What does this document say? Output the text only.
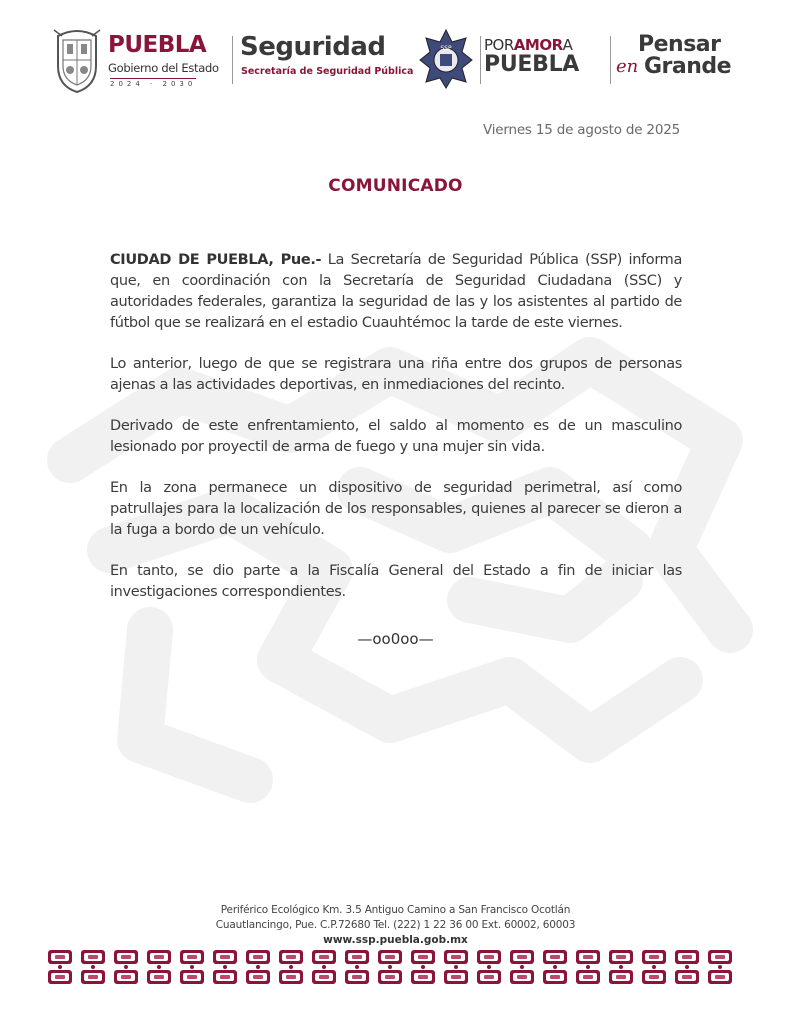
PUEBLA
Gobierno del Estado
2024 · 2030
Seguridad
Secretaría de Seguridad Pública
SSP PORAMORA
PUEBLA
Pensar
en Grande
Viernes 15 de agosto de 2025
COMUNICADO

CIUDAD DE PUEBLA, Pue.- La Secretaría de Seguridad Pública (SSP) informa que, en coordinación con la Secretaría de Seguridad Ciudadana (SSC) y autoridades federales, garantiza la seguridad de las y los asistentes al partido de fútbol que se realizará en el estadio Cuauhtémoc la tarde de este viernes.

Lo anterior, luego de que se registrara una riña entre dos grupos de personas ajenas a las actividades deportivas, en inmediaciones del recinto.

Derivado de este enfrentamiento, el saldo al momento es de un masculino lesionado por proyectil de arma de fuego y una mujer sin vida.

En la zona permanece un dispositivo de seguridad perimetral, así como patrullajes para la localización de los responsables, quienes al parecer se dieron a la fuga a bordo de un vehículo.

En tanto, se dio parte a la Fiscalía General del Estado a fin de iniciar las investigaciones correspondientes.

—oo0oo—
Periférico Ecológico Km. 3.5 Antiguo Camino a San Francisco Ocotlán
Cuautlancingo, Pue. C.P.72680 Tel. (222) 1 22 36 00 Ext. 60002, 60003
www.ssp.puebla.gob.mx
